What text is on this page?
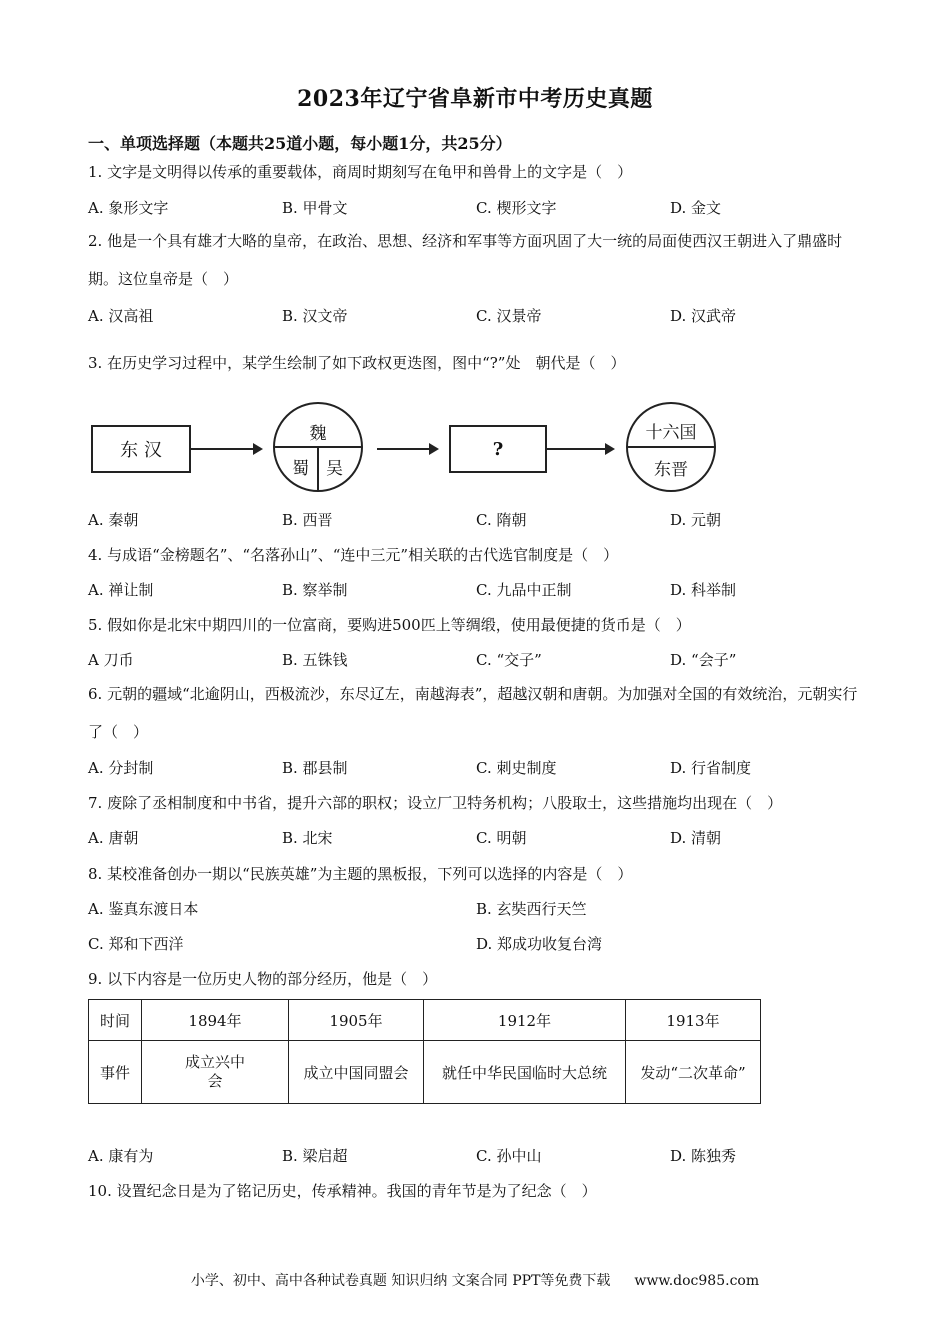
2023年辽宁省阜新市中考历史真题
一、单项选择题（本题共25道小题，每小题1分，共25分）
1. 文字是文明得以传承的重要载体，商周时期刻写在龟甲和兽骨上的文字是（　）
A. 象形文字	B. 甲骨文	C. 楔形文字	D. 金文
2. 他是一个具有雄才大略的皇帝，在政治、思想、经济和军事等方面巩固了大一统的局面使西汉王朝进入了鼎盛时期。这位皇帝是（　）
A. 汉高祖	B. 汉文帝	C. 汉景帝	D. 汉武帝
3. 在历史学习过程中，某学生绘制了如下政权更迭图，图中“?”处　朝代是（　）
东 汉
魏
蜀 吴
?
十六国
东晋
A. 秦朝	B. 西晋	C. 隋朝	D. 元朝
4. 与成语“金榜题名”、“名落孙山”、“连中三元”相关联的古代选官制度是（　）
A. 禅让制	B. 察举制	C. 九品中正制	D. 科举制
5. 假如你是北宋中期四川的一位富商，要购进500匹上等绸缎，使用最便捷的货币是（　）
A 刀币	B. 五铢钱	C. “交子”	D. “会子”
6. 元朝的疆域“北逾阴山，西极流沙，东尽辽左，南越海表”，超越汉朝和唐朝。为加强对全国的有效统治，元朝实行了（　）
A. 分封制	B. 郡县制	C. 刺史制度	D. 行省制度
7. 废除了丞相制度和中书省，提升六部的职权；设立厂卫特务机构；八股取士，这些措施均出现在（　）
A. 唐朝	B. 北宋	C. 明朝	D. 清朝
8. 某校准备创办一期以“民族英雄”为主题的黑板报，下列可以选择的内容是（　）
A. 鉴真东渡日本	B. 玄奘西行天竺
C. 郑和下西洋	D. 郑成功收复台湾
9. 以下内容是一位历史人物的部分经历，他是（　）
时间	1894年	1905年	1912年	1913年
事件	成立兴中会	成立中国同盟会	就任中华民国临时大总统	发动“二次革命”
A. 康有为	B. 梁启超	C. 孙中山	D. 陈独秀
10. 设置纪念日是为了铭记历史，传承精神。我国的青年节是为了纪念（　）
小学、初中、高中各种试卷真题 知识归纳 文案合同 PPT等免费下载 www.doc985.com
